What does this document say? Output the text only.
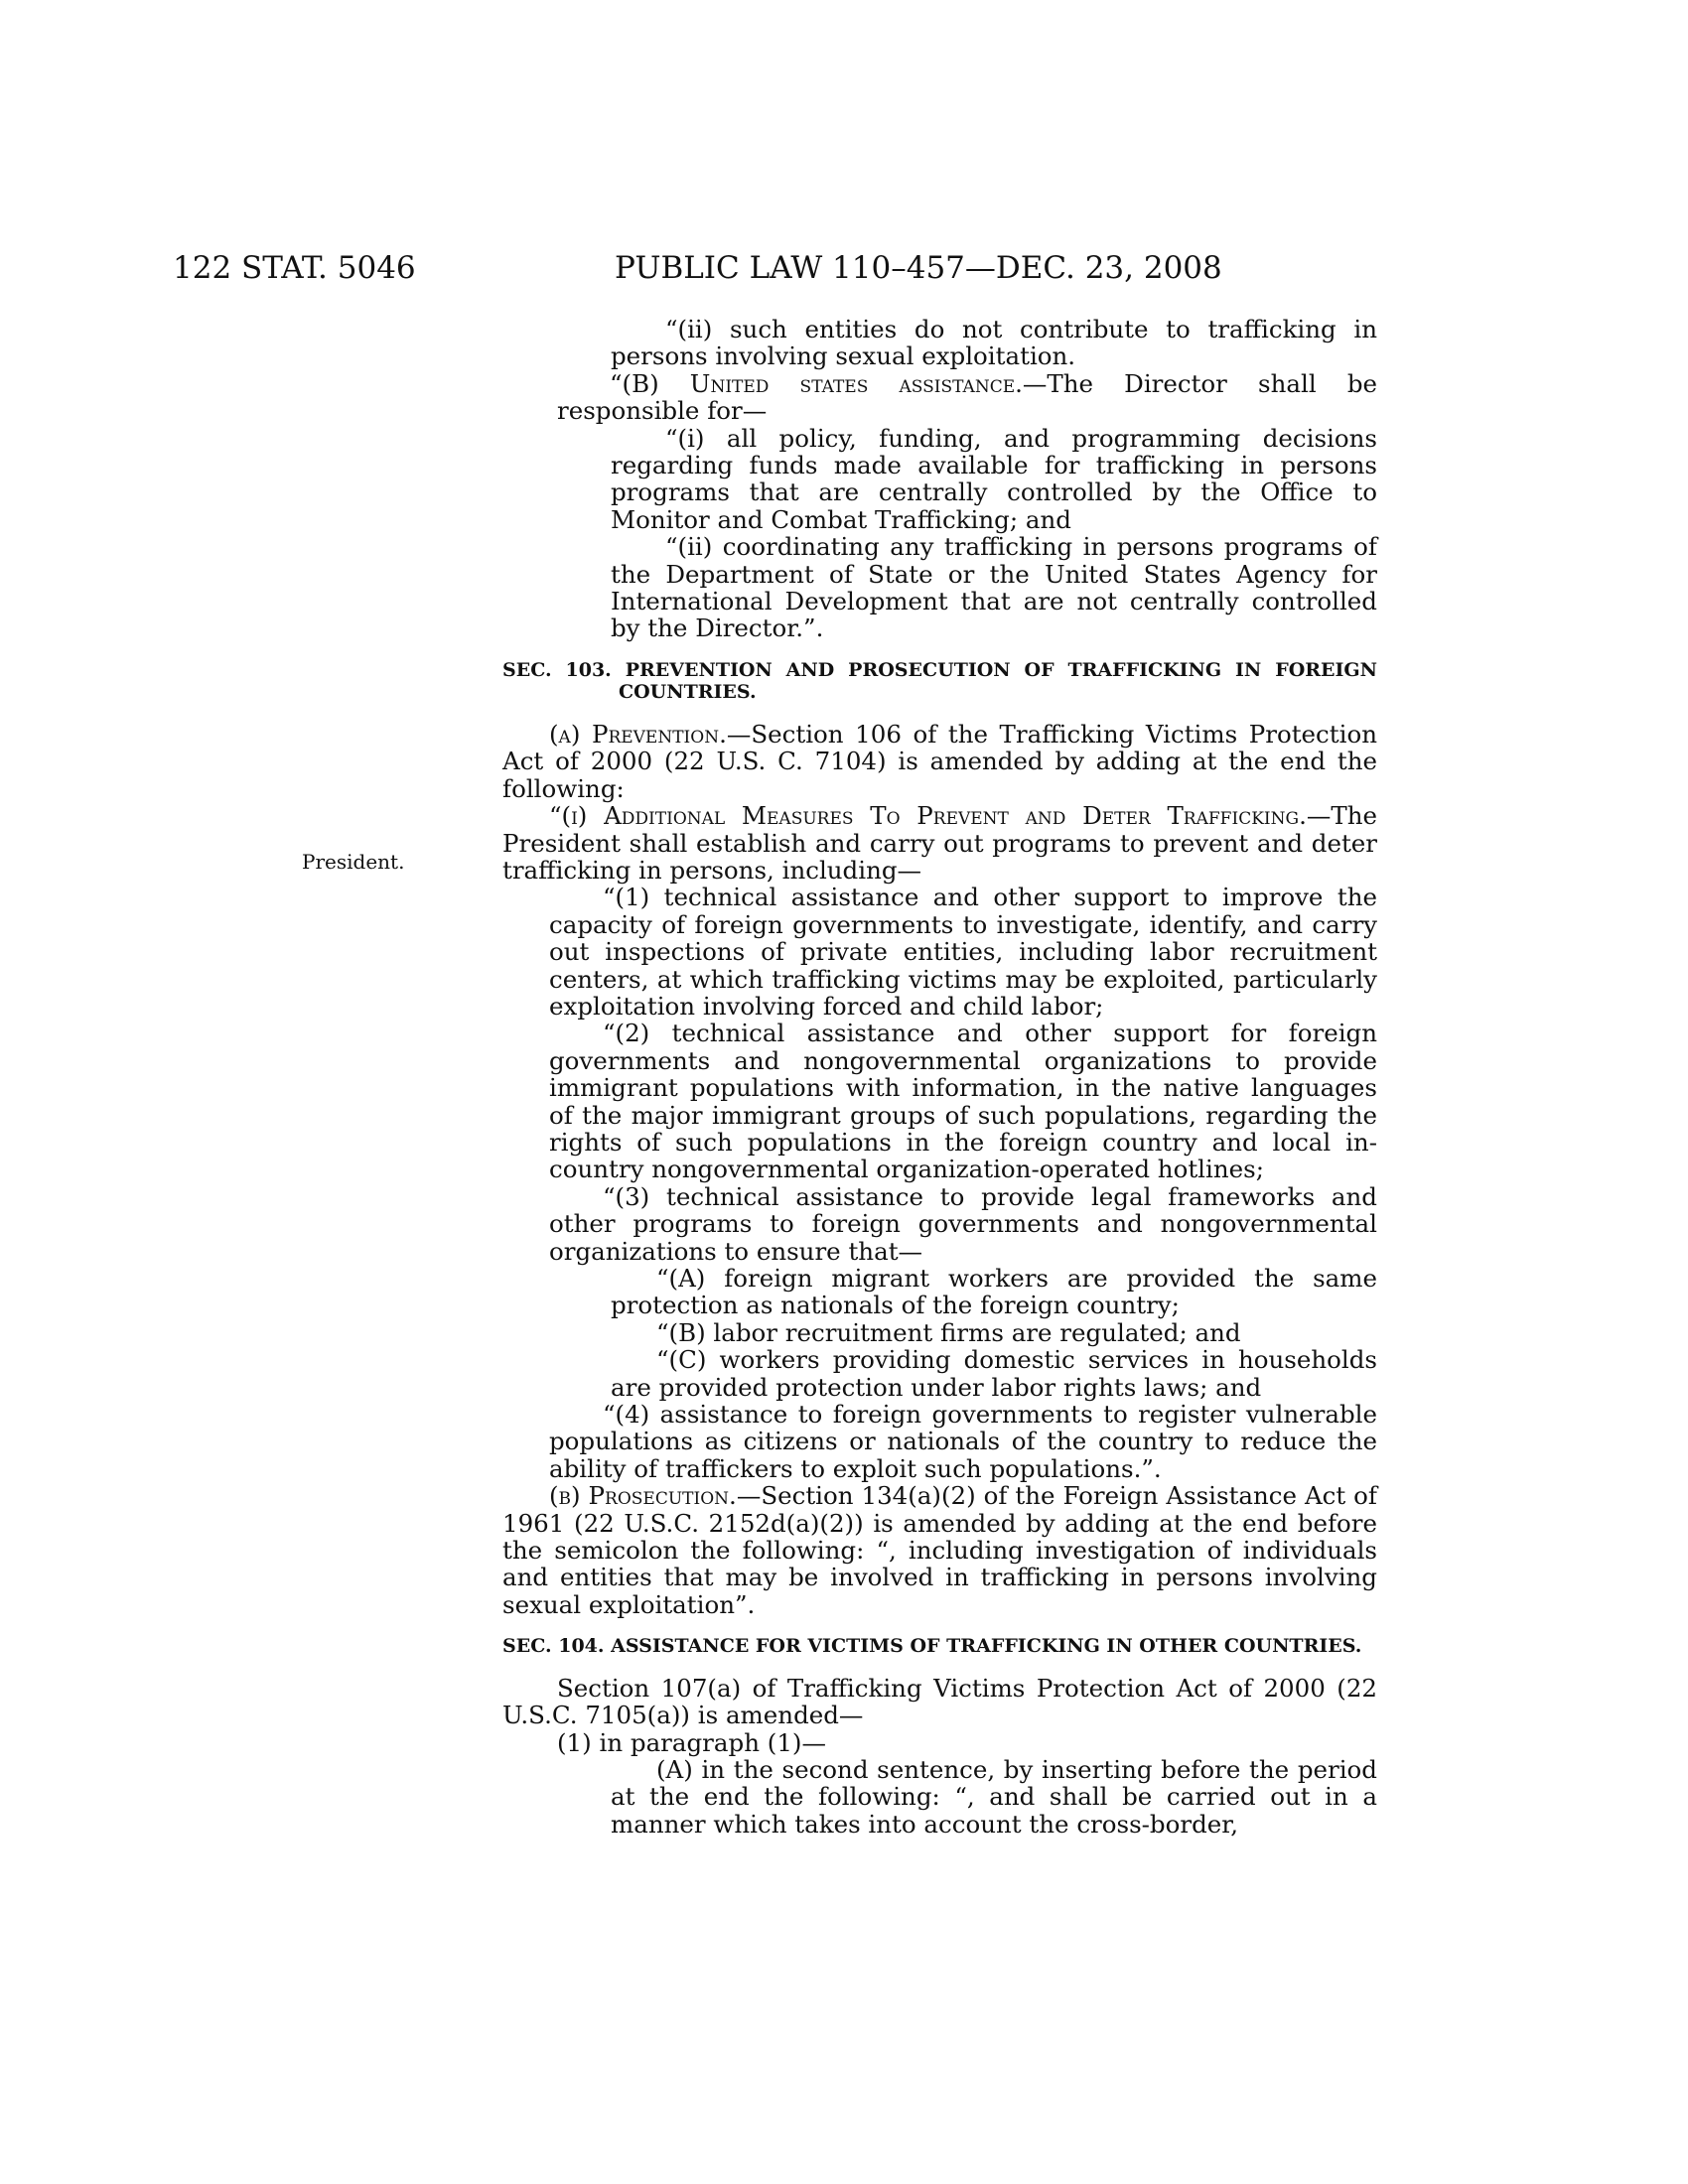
122 STAT. 5046	PUBLIC LAW 110–457—DEC. 23, 2008
President.

“(ii) such entities do not contribute to trafficking in persons involving sexual exploitation.

“(B) United states assistance.—The Director shall be responsible for—

“(i) all policy, funding, and programming decisions regarding funds made available for trafficking in persons programs that are centrally controlled by the Office to Monitor and Combat Trafficking; and

“(ii) coordinating any trafficking in persons programs of the Department of State or the United States Agency for International Development that are not centrally controlled by the Director.”.

SEC. 103. PREVENTION AND PROSECUTION OF TRAFFICKING IN FOREIGN COUNTRIES.

(a) Prevention.—Section 106 of the Trafficking Victims Protection Act of 2000 (22 U.S. C. 7104) is amended by adding at the end the following:

“(i) Additional Measures To Prevent and Deter Trafficking.—The President shall establish and carry out programs to prevent and deter trafficking in persons, including—

“(1) technical assistance and other support to improve the capacity of foreign governments to investigate, identify, and carry out inspections of private entities, including labor recruitment centers, at which trafficking victims may be exploited, particularly exploitation involving forced and child labor;

“(2) technical assistance and other support for foreign governments and nongovernmental organizations to provide immigrant populations with information, in the native languages of the major immigrant groups of such populations, regarding the rights of such populations in the foreign country and local in-country nongovernmental organization-operated hotlines;

“(3) technical assistance to provide legal frameworks and other programs to foreign governments and nongovernmental organizations to ensure that—

“(A) foreign migrant workers are provided the same protection as nationals of the foreign country;

“(B) labor recruitment firms are regulated; and

“(C) workers providing domestic services in households are provided protection under labor rights laws; and

“(4) assistance to foreign governments to register vulnerable populations as citizens or nationals of the country to reduce the ability of traffickers to exploit such populations.”.

(b) Prosecution.—Section 134(a)(2) of the Foreign Assistance Act of 1961 (22 U.S.C. 2152d(a)(2)) is amended by adding at the end before the semicolon the following: “, including investigation of individuals and entities that may be involved in trafficking in persons involving sexual exploitation”.

SEC. 104. ASSISTANCE FOR VICTIMS OF TRAFFICKING IN OTHER COUNTRIES.

Section 107(a) of Trafficking Victims Protection Act of 2000 (22 U.S.C. 7105(a)) is amended—

(1) in paragraph (1)—

(A) in the second sentence, by inserting before the period at the end the following: “, and shall be carried out in a manner which takes into account the cross-border,
